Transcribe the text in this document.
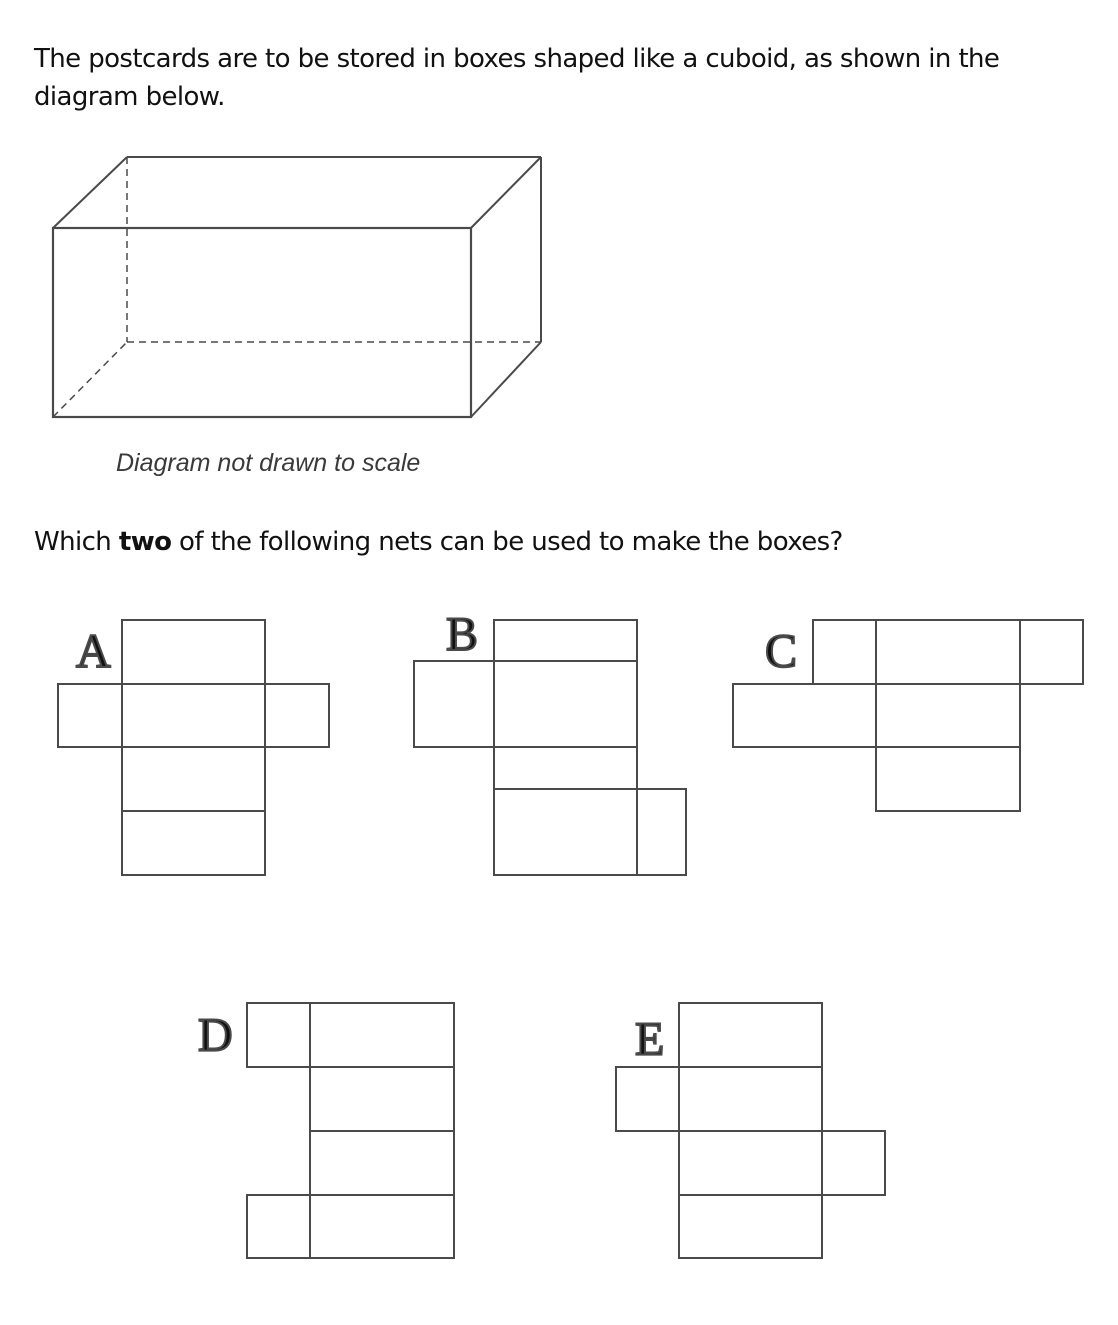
The postcards are to be stored in boxes shaped like a cuboid, as shown in the
diagram below.

A	B	C
D	E

Diagram not drawn to scale

Which two of the following nets can be used to make the boxes?
